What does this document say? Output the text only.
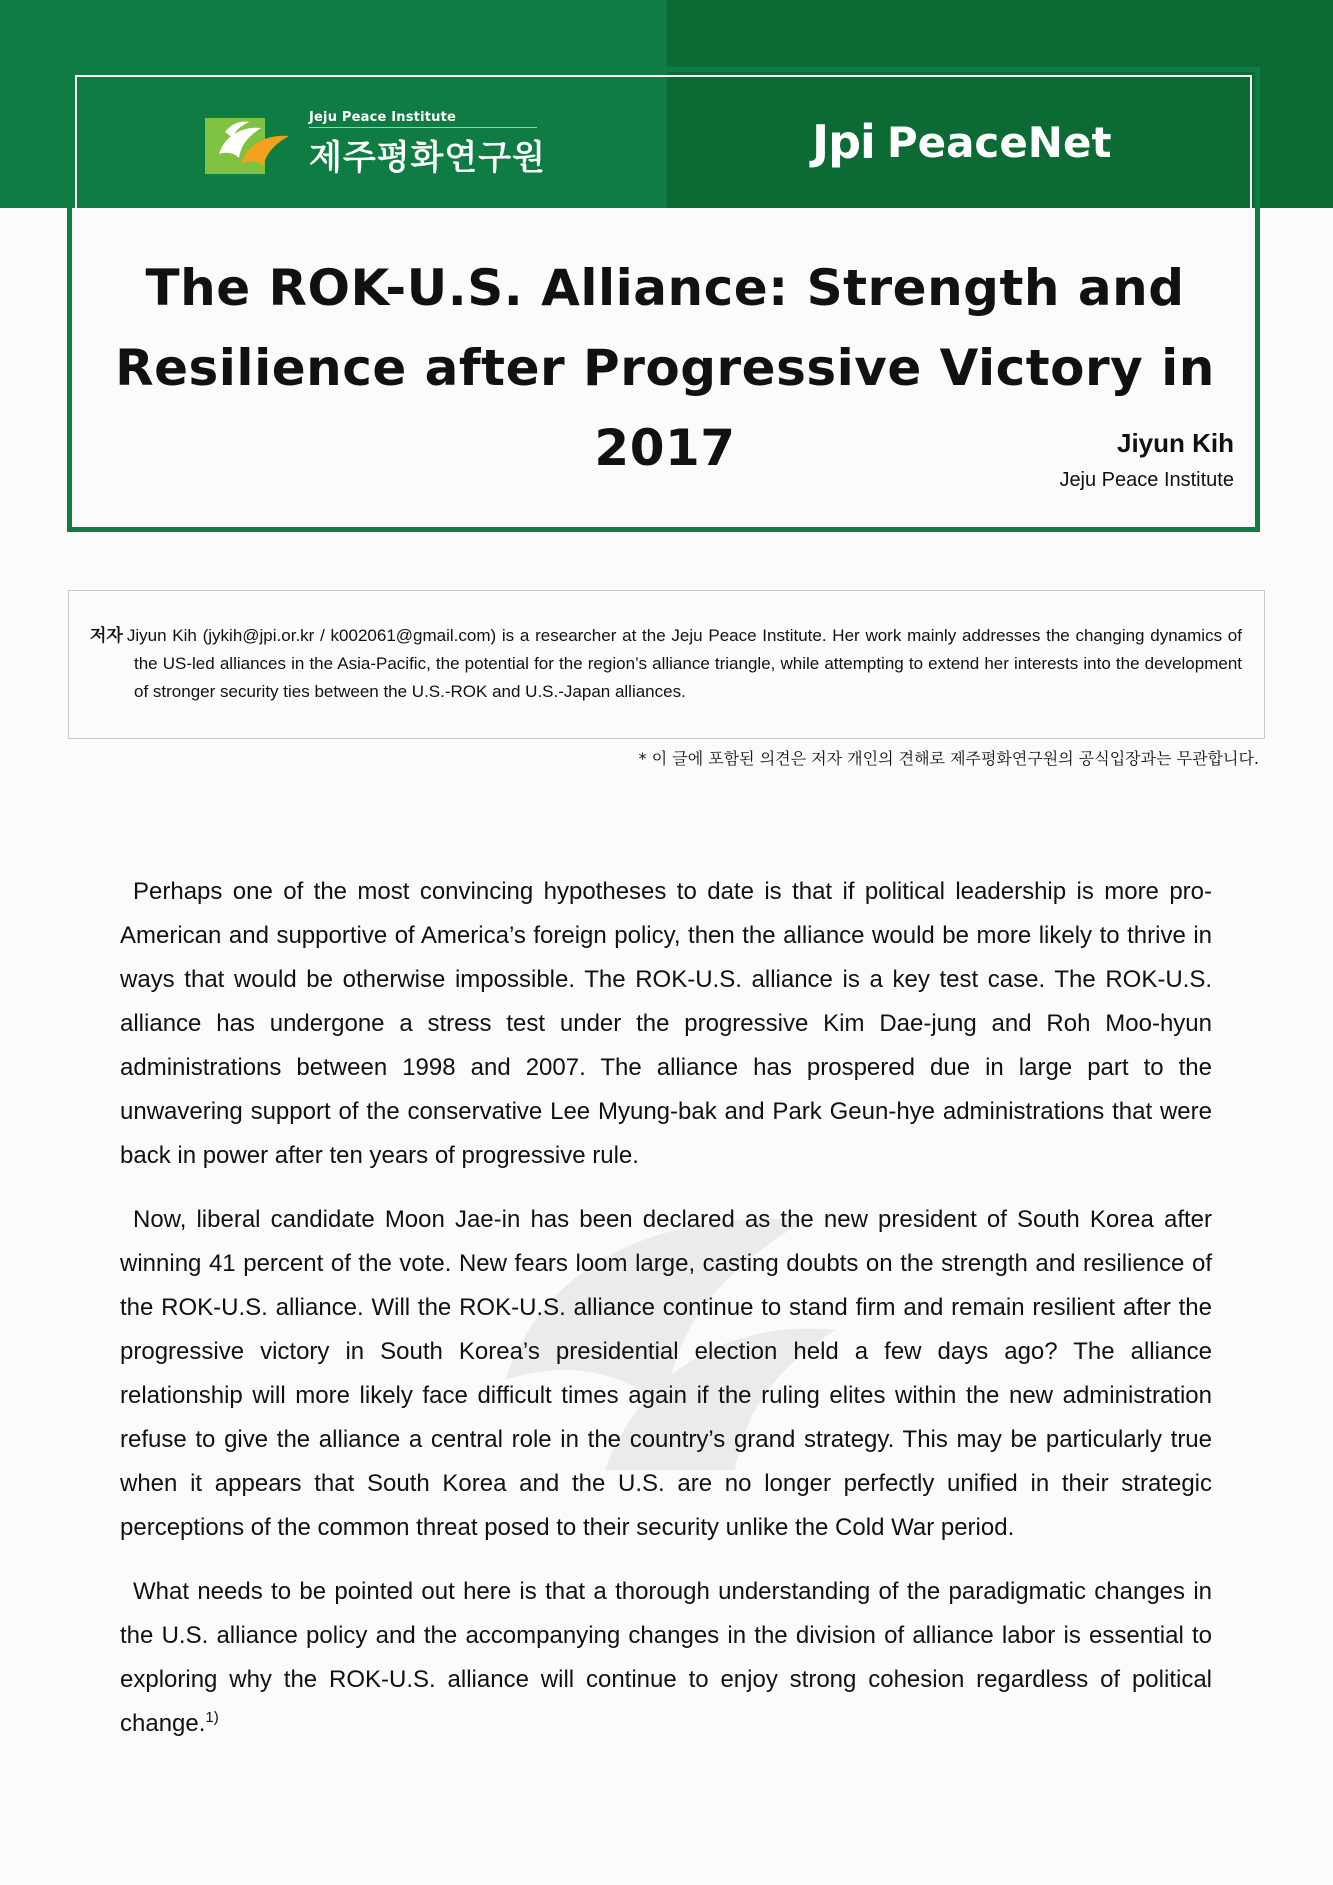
Jeju Peace Institute
제주평화연구원	Jpi PeaceNet
The ROK-U.S. Alliance: Strength and
Resilience after Progressive Victory in 2017	Jiyun Kih
Jeju Peace Institute
저자 Jiyun Kih (jykih@jpi.or.kr / k002061@gmail.com) is a researcher at the Jeju Peace Institute. Her work mainly addresses the changing dynamics of the US-led alliances in the Asia-Pacific, the potential for the region’s alliance triangle, while attempting to extend her interests into the development of stronger security ties between the U.S.-ROK and U.S.-Japan alliances.
* 이 글에 포함된 의견은 저자 개인의 견해로 제주평화연구원의 공식입장과는 무관합니다.

Perhaps one of the most convincing hypotheses to date is that if political leadership is more pro-American and supportive of America’s foreign policy, then the alliance would be more likely to thrive in ways that would be otherwise impossible. The ROK-U.S. alliance is a key test case. The ROK-U.S. alliance has undergone a stress test under the progressive Kim Dae-jung and Roh Moo-hyun administrations between 1998 and 2007. The alliance has prospered due in large part to the unwavering support of the conservative Lee Myung-bak and Park Geun-hye administrations that were back in power after ten years of progressive rule.

Now, liberal candidate Moon Jae-in has been declared as the new president of South Korea after winning 41 percent of the vote. New fears loom large, casting doubts on the strength and resilience of the ROK-U.S. alliance. Will the ROK-U.S. alliance continue to stand firm and remain resilient after the progressive victory in South Korea’s presidential election held a few days ago? The alliance relationship will more likely face difficult times again if the ruling elites within the new administration refuse to give the alliance a central role in the country’s grand strategy. This may be particularly true when it appears that South Korea and the U.S. are no longer perfectly unified in their strategic perceptions of the common threat posed to their security unlike the Cold War period.

What needs to be pointed out here is that a thorough understanding of the paradigmatic changes in the U.S. alliance policy and the accompanying changes in the division of alliance labor is essential to exploring why the ROK-U.S. alliance will continue to enjoy strong cohesion regardless of political change.$^{1)}$
